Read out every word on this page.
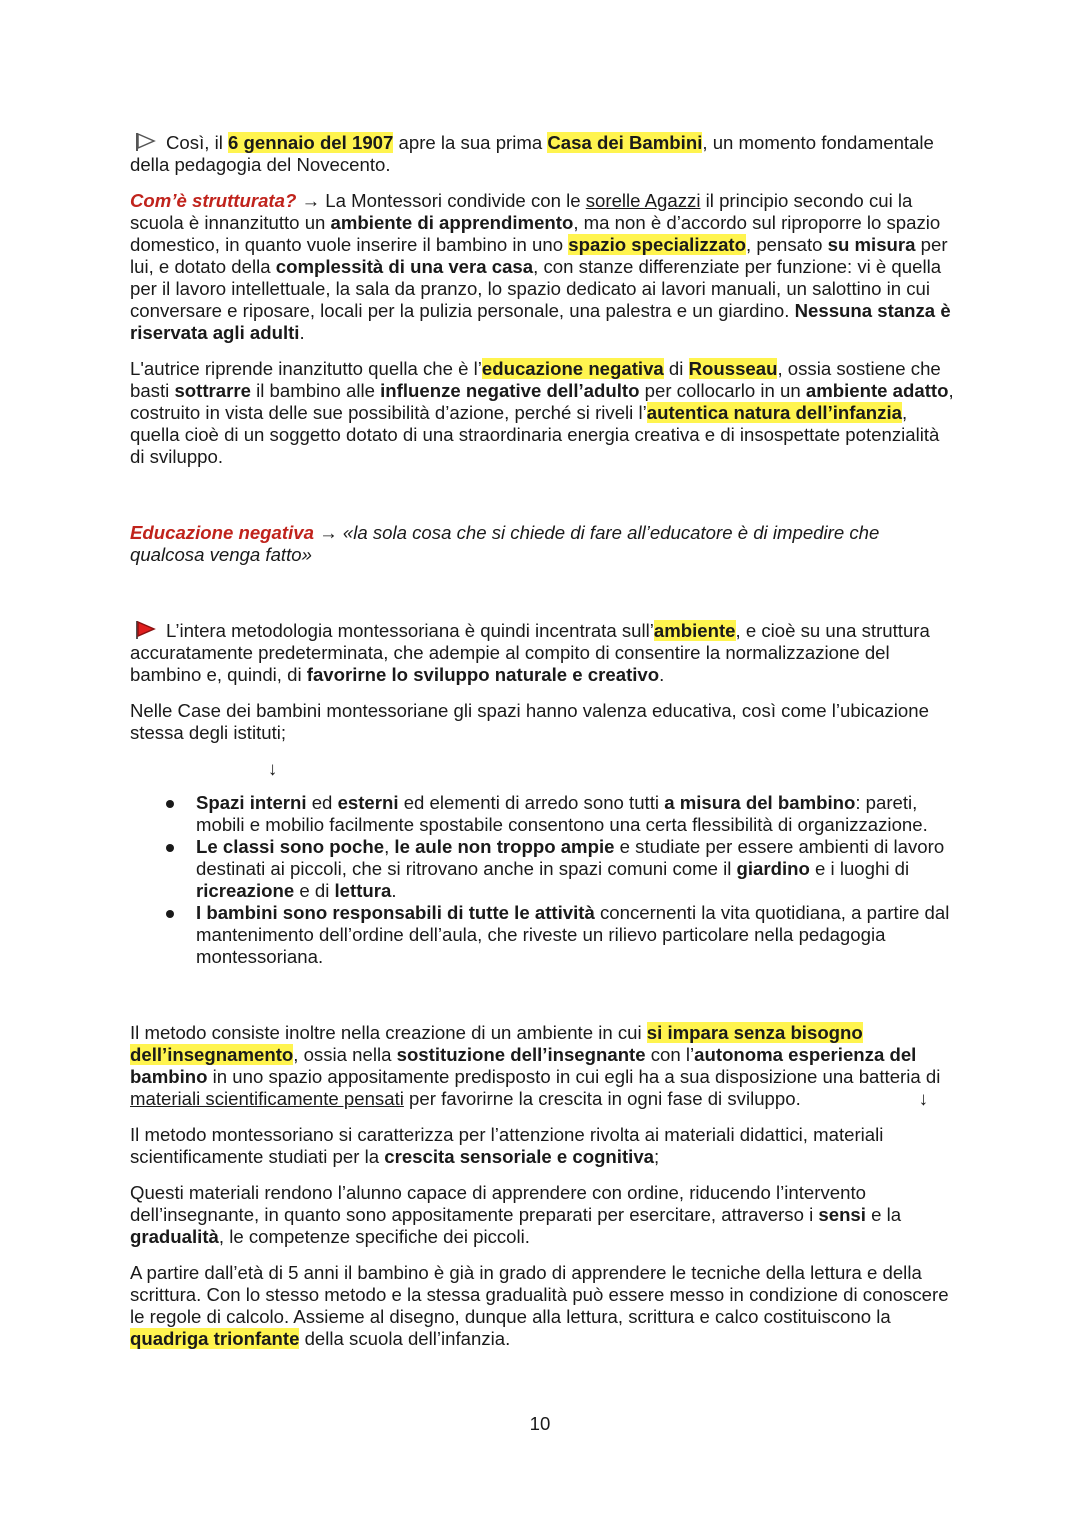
Così, il 6 gennaio del 1907 apre la sua prima Casa dei Bambini, un momento fondamentale della pedagogia del Novecento.

Com’è strutturata? → La Montessori condivide con le sorelle Agazzi il principio secondo cui la scuola è innanzitutto un ambiente di apprendimento, ma non è d’accordo sul riproporre lo spazio domestico, in quanto vuole inserire il bambino in uno spazio specializzato, pensato su misura per lui, e dotato della complessità di una vera casa, con stanze differenziate per funzione: vi è quella per il lavoro intellettuale, la sala da pranzo, lo spazio dedicato ai lavori manuali, un salottino in cui conversare e riposare, locali per la pulizia personale, una palestra e un giardino. Nessuna stanza è riservata agli adulti.

L'autrice riprende inanzitutto quella che è l’educazione negativa di Rousseau, ossia sostiene che basti sottrarre il bambino alle influenze negative dell’adulto per collocarlo in un ambiente adatto, costruito in vista delle sue possibilità d’azione, perché si riveli l’autentica natura dell’infanzia, quella cioè di un soggetto dotato di una straordinaria energia creativa e di insospettate potenzialità di sviluppo.

Educazione negativa → «la sola cosa che si chiede di fare all’educatore è di impedire che qualcosa venga fatto»

L’intera metodologia montessoriana è quindi incentrata sull’ambiente, e cioè su una struttura accuratamente predeterminata, che adempie al compito di consentire la normalizzazione del bambino e, quindi, di favorirne lo sviluppo naturale e creativo.

Nelle Case dei bambini montessoriane gli spazi hanno valenza educativa, così come l’ubicazione stessa degli istituti;

↓
Spazi interni ed esterni ed elementi di arredo sono tutti a misura del bambino: pareti, mobili e mobilio facilmente spostabile consentono una certa flessibilità di organizzazione.
Le classi sono poche, le aule non troppo ampie e studiate per essere ambienti di lavoro destinati ai piccoli, che si ritrovano anche in spazi comuni come il giardino e i luoghi di ricreazione e di lettura.
I bambini sono responsabili di tutte le attività concernenti la vita quotidiana, a partire dal mantenimento dell’ordine dell’aula, che riveste un rilievo particolare nella pedagogia montessoriana.

Il metodo consiste inoltre nella creazione di un ambiente in cui si impara senza bisogno dell’insegnamento, ossia nella sostituzione dell’insegnante con l’autonoma esperienza del bambino in uno spazio appositamente predisposto in cui egli ha a sua disposizione una batteria di materiali scientificamente pensati per favorirne la crescita in ogni fase di sviluppo.	↓

Il metodo montessoriano si caratterizza per l’attenzione rivolta ai materiali didattici, materiali scientificamente studiati per la crescita sensoriale e cognitiva;

Questi materiali rendono l’alunno capace di apprendere con ordine, riducendo l’intervento dell’insegnante, in quanto sono appositamente preparati per esercitare, attraverso i sensi e la gradualità, le competenze specifiche dei piccoli.

A partire dall’età di 5 anni il bambino è già in grado di apprendere le tecniche della lettura e della scrittura. Con lo stesso metodo e la stessa gradualità può essere messo in condizione di conoscere le regole di calcolo. Assieme al disegno, dunque alla lettura, scrittura e calco costituiscono la quadriga trionfante della scuola dell’infanzia.

10
